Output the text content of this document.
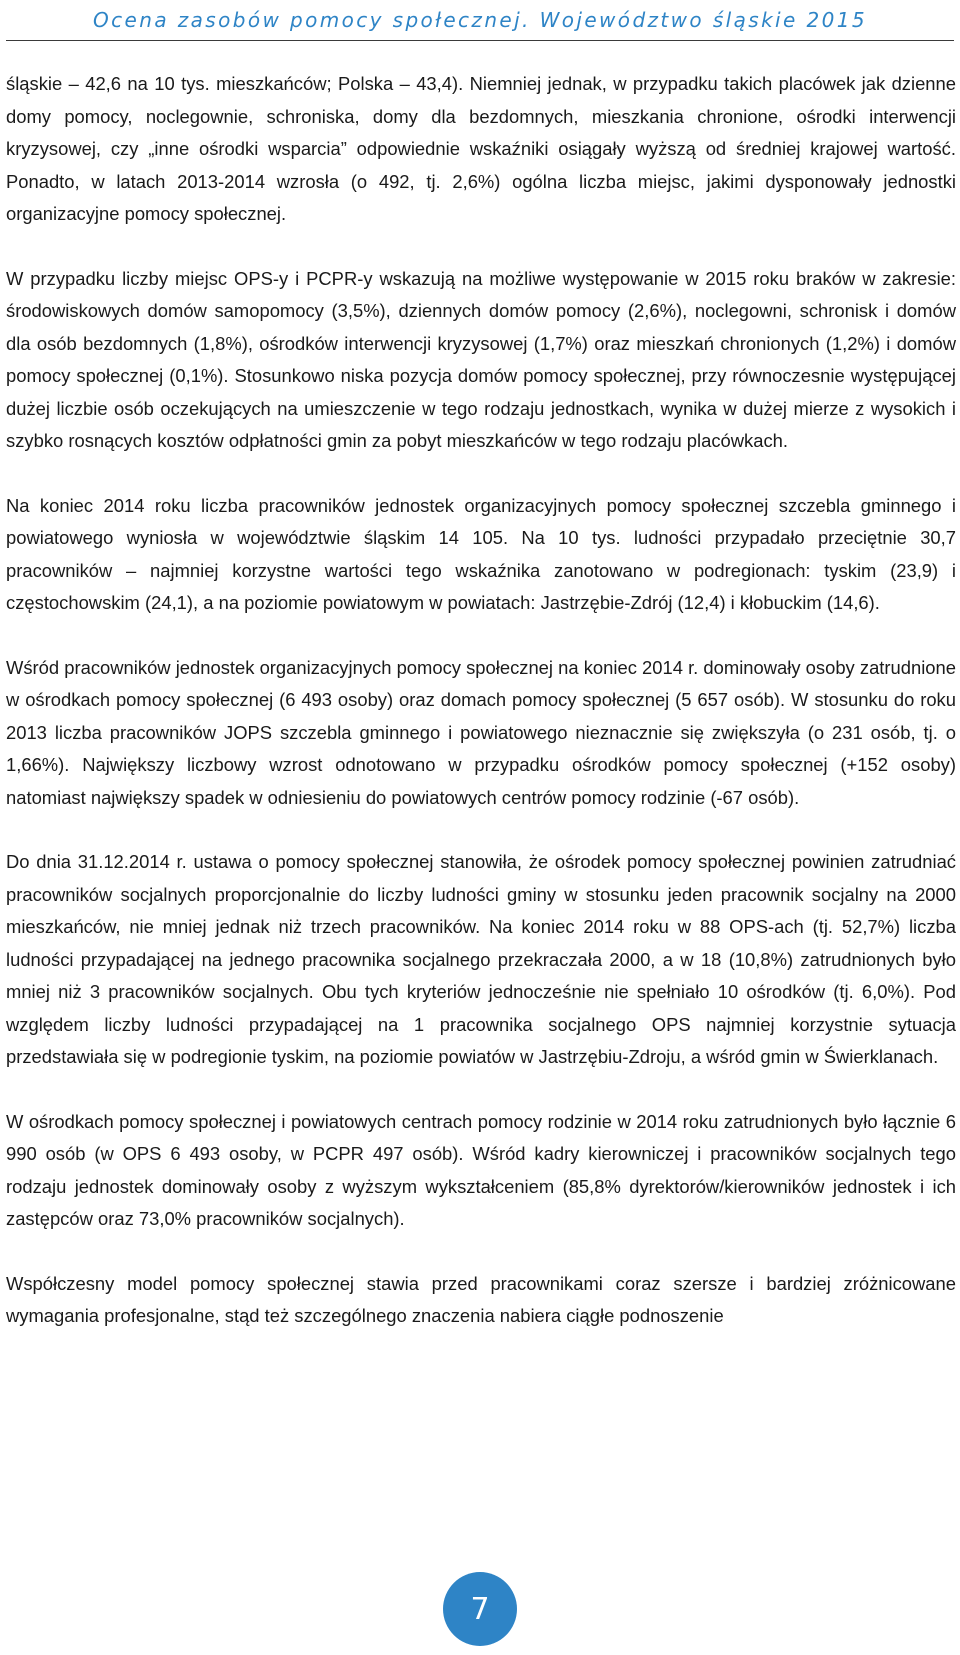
Ocena zasobów pomocy społecznej. Województwo śląskie 2015

śląskie – 42,6 na 10 tys. mieszkańców; Polska – 43,4). Niemniej jednak, w przypadku takich placówek jak dzienne domy pomocy, noclegownie, schroniska, domy dla bezdomnych, mieszkania chronione, ośrodki interwencji kryzysowej, czy „inne ośrodki wsparcia” odpowiednie wskaźniki osiągały wyższą od średniej krajowej wartość. Ponadto, w latach 2013-2014 wzrosła (o 492, tj. 2,6%) ogólna liczba miejsc, jakimi dysponowały jednostki organizacyjne pomocy społecznej.

W przypadku liczby miejsc OPS-y i PCPR-y wskazują na możliwe występowanie w 2015 roku braków w zakresie: środowiskowych domów samopomocy (3,5%), dziennych domów pomocy (2,6%), noclegowni, schronisk i domów dla osób bezdomnych (1,8%), ośrodków interwencji kryzysowej (1,7%) oraz mieszkań chronionych (1,2%) i domów pomocy społecznej (0,1%). Stosunkowo niska pozycja domów pomocy społecznej, przy równoczesnie występującej dużej liczbie osób oczekujących na umieszczenie w tego rodzaju jednostkach, wynika w dużej mierze z wysokich i szybko rosnących kosztów odpłatności gmin za pobyt mieszkańców w tego rodzaju placówkach.

Na koniec 2014 roku liczba pracowników jednostek organizacyjnych pomocy społecznej szczebla gminnego i powiatowego wyniosła w województwie śląskim 14 105. Na 10 tys. ludności przypadało przeciętnie 30,7 pracowników – najmniej korzystne wartości tego wskaźnika zanotowano w podregionach: tyskim (23,9) i częstochowskim (24,1), a na poziomie powiatowym w powiatach: Jastrzębie-Zdrój (12,4) i kłobuckim (14,6).

Wśród pracowników jednostek organizacyjnych pomocy społecznej na koniec 2014 r. dominowały osoby zatrudnione w ośrodkach pomocy społecznej (6 493 osoby) oraz domach pomocy społecznej (5 657 osób). W stosunku do roku 2013 liczba pracowników JOPS szczebla gminnego i powiatowego nieznacznie się zwiększyła (o 231 osób, tj. o 1,66%). Największy liczbowy wzrost odnotowano w przypadku ośrodków pomocy społecznej (+152 osoby) natomiast największy spadek w odniesieniu do powiatowych centrów pomocy rodzinie (-67 osób).

Do dnia 31.12.2014 r. ustawa o pomocy społecznej stanowiła, że ośrodek pomocy społecznej powinien zatrudniać pracowników socjalnych proporcjonalnie do liczby ludności gminy w stosunku jeden pracownik socjalny na 2000 mieszkańców, nie mniej jednak niż trzech pracowników. Na koniec 2014 roku w 88 OPS-ach (tj. 52,7%) liczba ludności przypadającej na jednego pracownika socjalnego przekraczała 2000, a w 18 (10,8%) zatrudnionych było mniej niż 3 pracowników socjalnych. Obu tych kryteriów jednocześnie nie spełniało 10 ośrodków (tj. 6,0%). Pod względem liczby ludności przypadającej na 1 pracownika socjalnego OPS najmniej korzystnie sytuacja przedstawiała się w podregionie tyskim, na poziomie powiatów w Jastrzębiu-Zdroju, a wśród gmin w Świerklanach.

W ośrodkach pomocy społecznej i powiatowych centrach pomocy rodzinie w 2014 roku zatrudnionych było łącznie 6 990 osób (w OPS 6 493 osoby, w PCPR 497 osób). Wśród kadry kierowniczej i pracowników socjalnych tego rodzaju jednostek dominowały osoby z wyższym wykształceniem (85,8% dyrektorów/kierowników jednostek i ich zastępców oraz 73,0% pracowników socjalnych).

Współczesny model pomocy społecznej stawia przed pracownikami coraz szersze i bardziej zróżnicowane wymagania profesjonalne, stąd też szczególnego znaczenia nabiera ciągłe podnoszenie

7
